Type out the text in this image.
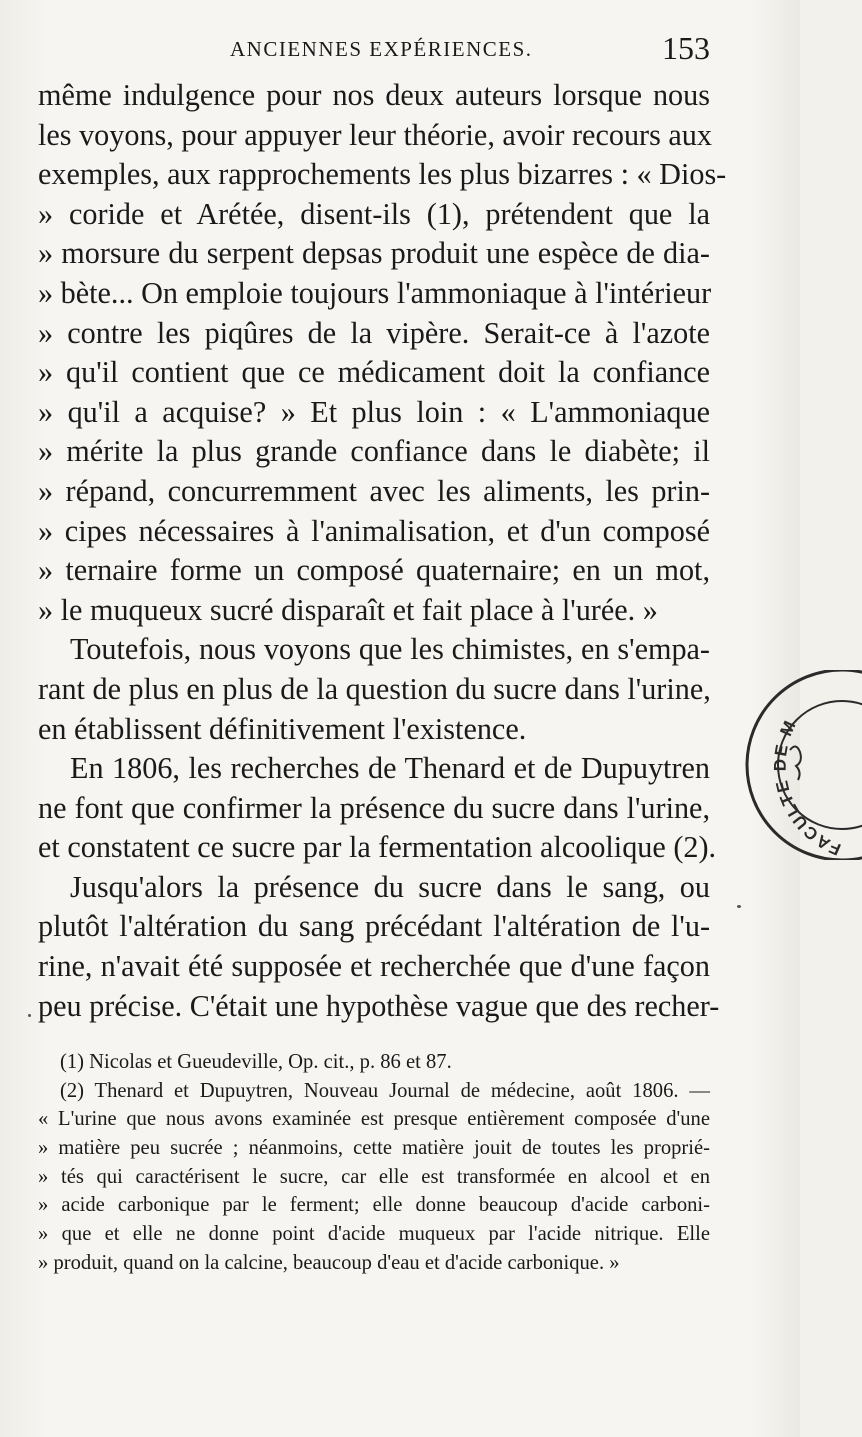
ANCIENNES EXPÉRIENCES.	153
même indulgence pour nos deux auteurs lorsque nous
les voyons, pour appuyer leur théorie, avoir recours aux
exemples, aux rapprochements les plus bizarres : « Dios-
» coride et Arétée, disent-ils (1), prétendent que la
» morsure du serpent depsas produit une espèce de dia-
» bète... On emploie toujours l'ammoniaque à l'intérieur
» contre les piqûres de la vipère. Serait-ce à l'azote
» qu'il contient que ce médicament doit la confiance
» qu'il a acquise? » Et plus loin : « L'ammoniaque
» mérite la plus grande confiance dans le diabète; il
» répand, concurremment avec les aliments, les prin-
» cipes nécessaires à l'animalisation, et d'un composé
» ternaire forme un composé quaternaire; en un mot,
» le muqueux sucré disparaît et fait place à l'urée. »
Toutefois, nous voyons que les chimistes, en s'empa-
rant de plus en plus de la question du sucre dans l'urine,
en établissent définitivement l'existence.
En 1806, les recherches de Thenard et de Dupuytren
ne font que confirmer la présence du sucre dans l'urine,
et constatent ce sucre par la fermentation alcoolique (2).
Jusqu'alors la présence du sucre dans le sang, ou
plutôt l'altération du sang précédant l'altération de l'u-
rine, n'avait été supposée et recherchée que d'une façon
peu précise. C'était une hypothèse vague que des recher-
(1) Nicolas et Gueudeville, Op. cit., p. 86 et 87.
(2) Thenard et Dupuytren, Nouveau Journal de médecine, août 1806. —
« L'urine que nous avons examinée est presque entièrement composée d'une
» matière peu sucrée ; néanmoins, cette matière jouit de toutes les proprié-
» tés qui caractérisent le sucre, car elle est transformée en alcool et en
» acide carbonique par le ferment; elle donne beaucoup d'acide carboni-
» que et elle ne donne point d'acide muqueux par l'acide nitrique. Elle
» produit, quand on la calcine, beaucoup d'eau et d'acide carbonique. »
FACULTE DE M
